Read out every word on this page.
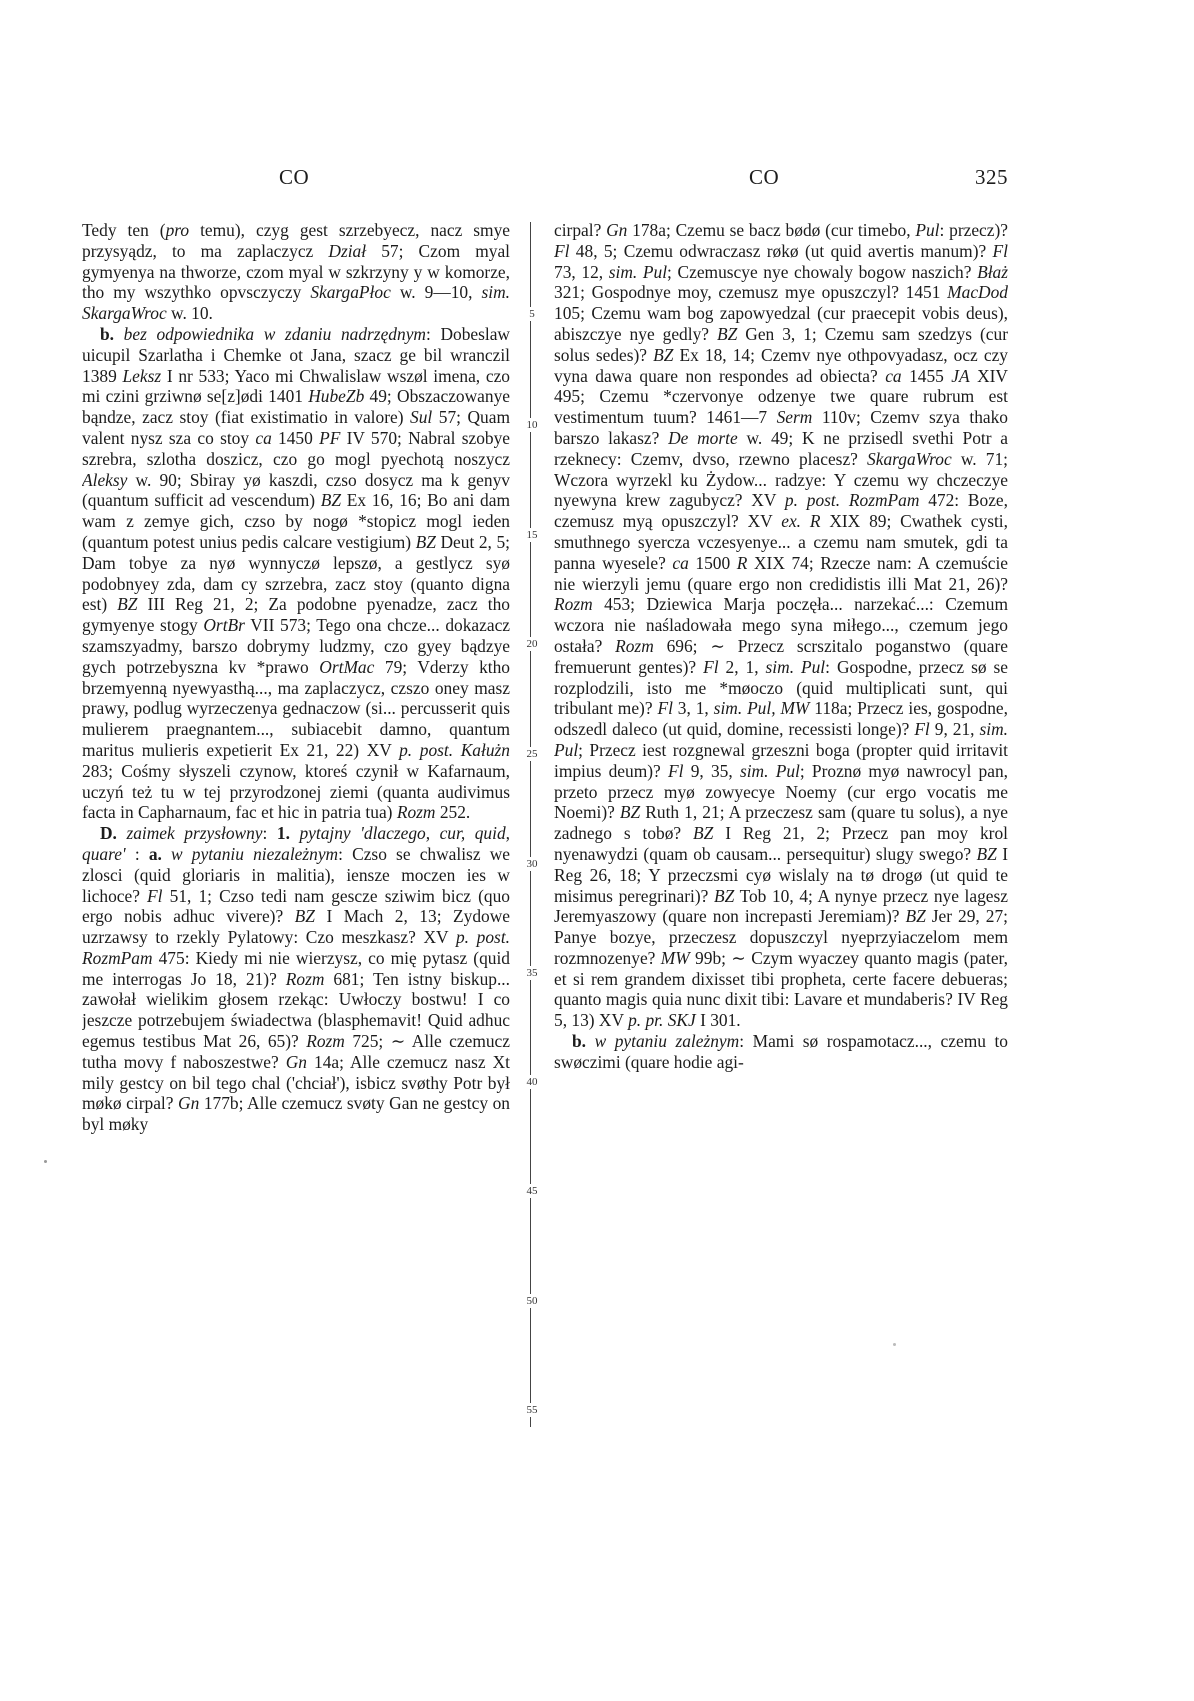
CO	CO	325

Tedy ten (pro temu), czyg gest szrzebyecz, nacz smye przysyądz, to ma zaplaczycz Dział 57; Czom myal gymyenya na thworze, czom myal w szkrzyny y w komorze, tho my wszythko opvsczyczy SkargaPłoc w. 9—10, sim. SkargaWroc w. 10.

b. bez odpowiednika w zdaniu nadrzędnym: Dobeslaw uicupil Szarlatha i Chemke ot Jana, szacz ge bil wranczil 1389 Leksz I nr 533; Yaco mi Chwalislaw wszøl imena, czo mi czini grziwnø se[z]ødi 1401 HubeZb 49; Obszaczowanye bąndze, zacz stoy (fiat existimatio in valore) Sul 57; Quam valent nysz sza co stoy ca 1450 PF IV 570; Nabral szobye szrebra, szlotha doszicz, czo go mogl pyechotą noszycz Aleksy w. 90; Sbiray yø kaszdi, czso dosycz ma k genyv (quantum sufficit ad vescendum) BZ Ex 16, 16; Bo ani dam wam z zemye gich, czso by nogø *stopicz mogl ieden (quantum potest unius pedis calcare vestigium) BZ Deut 2, 5; Dam tobye za nyø wynnyczø lepszø, a gestlycz syø podobnyey zda, dam cy szrzebra, zacz stoy (quanto digna est) BZ III Reg 21, 2; Za podobne pyenadze, zacz tho gymyenye stogy OrtBr VII 573; Tego ona chcze... dokazacz szamszyadmy, barszo dobrymy ludzmy, czo gyey bądzye gych potrzebyszna kv *prawo OrtMac 79; Vderzy ktho brzemyenną nyewyasthą..., ma zaplaczycz, czszo oney masz prawy, podlug wyrzeczenya gednaczow (si... percusserit quis mulierem praegnantem..., subiacebit damno, quantum maritus mulieris expetierit Ex 21, 22) XV p. post. Kałużn 283; Cośmy słyszeli czynow, ktoreś czynił w Kafarnaum, uczyń też tu w tej przyrodzonej ziemi (quanta audivimus facta in Capharnaum, fac et hic in patria tua) Rozm 252.

D. zaimek przysłowny: 1. pytajny 'dlaczego, cur, quid, quare' : a. w pytaniu niezależnym: Czso se chwalisz we zlosci (quid gloriaris in malitia), iensze moczen ies w lichoce? Fl 51, 1; Czso tedi nam gescze sziwim bicz (quo ergo nobis adhuc vivere)? BZ I Mach 2, 13; Zydowe uzrzawsy to rzekly Pylatowy: Czo meszkasz? XV p. post. RozmPam 475: Kiedy mi nie wierzysz, co mię pytasz (quid me interrogas Jo 18, 21)? Rozm 681; Ten istny biskup... zawołał wielikim głosem rzekąc: Uwłoczy bostwu! I co jeszcze potrzebujem świadectwa (blasphemavit! Quid adhuc egemus testibus Mat 26, 65)? Rozm 725; ∼ Alle czemucz tutha movy f naboszestwe? Gn 14a; Alle czemucz nasz Xt mily gestcy on bil tego chal ('chciał'), isbicz svøthy Potr był møkø cirpal? Gn 177b; Alle czemucz svøty Gan ne gestcy on byl møky

5
10
15
20
25
30
35
40
45
50
55

cirpal? Gn 178a; Czemu se bacz bødø (cur timebo, Pul: przecz)? Fl 48, 5; Czemu odwraczasz røkø (ut quid avertis manum)? Fl 73, 12, sim. Pul; Czemuscye nye chowaly bogow naszich? Błaż 321; Gospodnye moy, czemusz mye opuszczyl? 1451 MacDod 105; Czemu wam bog zapowyedzal (cur praecepit vobis deus), abiszczye nye gedly? BZ Gen 3, 1; Czemu sam szedzys (cur solus sedes)? BZ Ex 18, 14; Czemv nye othpovyadasz, ocz czy vyna dawa quare non respondes ad obiecta? ca 1455 JA XIV 495; Czemu *czervonye odzenye twe quare rubrum est vestimentum tuum? 1461—7 Serm 110v; Czemv szya thako barszo lakasz? De morte w. 49; K ne przisedl svethi Potr a rzeknecy: Czemv, dvso, rzewno placesz? SkargaWroc w. 71; Wczora wyrzekl ku Żydow... radzye: Y czemu wy chczeczye nyewyna krew zagubycz? XV p. post. RozmPam 472: Boze, czemusz myą opuszczyl? XV ex. R XIX 89; Cwathek cysti, smuthnego syercza vczesyenye... a czemu nam smutek, gdi ta panna wyesele? ca 1500 R XIX 74; Rzecze nam: A czemuście nie wierzyli jemu (quare ergo non credidistis illi Mat 21, 26)? Rozm 453; Dziewica Marja poczęła... narzekać...: Czemum wczora nie naśladowała mego syna miłego..., czemum jego ostała? Rozm 696; ∼ Przecz scrszitalo poganstwo (quare fremuerunt gentes)? Fl 2, 1, sim. Pul: Gospodne, przecz sø se rozplodzili, isto me *møoczo (quid multiplicati sunt, qui tribulant me)? Fl 3, 1, sim. Pul, MW 118a; Przecz ies, gospodne, odszedl daleco (ut quid, domine, recessisti longe)? Fl 9, 21, sim. Pul; Przecz iest rozgnewal grzeszni boga (propter quid irritavit impius deum)? Fl 9, 35, sim. Pul; Proznø myø nawrocyl pan, przeto przecz myø zowyecye Noemy (cur ergo vocatis me Noemi)? BZ Ruth 1, 21; A przeczesz sam (quare tu solus), a nye zadnego s tobø? BZ I Reg 21, 2; Przecz pan moy krol nyenawydzi (quam ob causam... persequitur) slugy swego? BZ I Reg 26, 18; Y przeczsmi cyø wislaly na tø drogø (ut quid te misimus peregrinari)? BZ Tob 10, 4; A nynye przecz nye lagesz Jeremyaszowy (quare non increpasti Jeremiam)? BZ Jer 29, 27; Panye bozye, przeczesz dopuszczyl nyeprzyiaczelom mem rozmnozenye? MW 99b; ∼ Czym wyaczey quanto magis (pater, et si rem grandem dixisset tibi propheta, certe facere debueras; quanto magis quia nunc dixit tibi: Lavare et mundaberis? IV Reg 5, 13) XV p. pr. SKJ I 301.

b. w pytaniu zależnym: Mami sø rospamotacz..., czemu to swøczimi (quare hodie agi-
